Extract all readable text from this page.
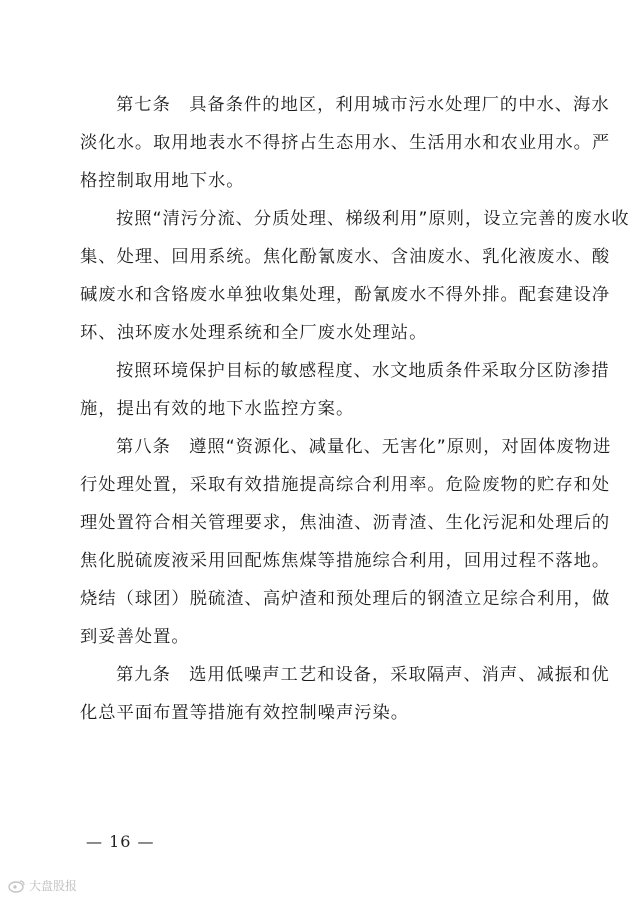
第七条　具备条件的地区，利用城市污水处理厂的中水、海水
淡化水。取用地表水不得挤占生态用水、生活用水和农业用水。严
格控制取用地下水。
按照“清污分流、分质处理、梯级利用”原则，设立完善的废水收
集、处理、回用系统。焦化酚氰废水、含油废水、乳化液废水、酸
碱废水和含铬废水单独收集处理，酚氰废水不得外排。配套建设净
环、浊环废水处理系统和全厂废水处理站。
按照环境保护目标的敏感程度、水文地质条件采取分区防渗措
施，提出有效的地下水监控方案。
第八条　遵照“资源化、减量化、无害化”原则，对固体废物进
行处理处置，采取有效措施提高综合利用率。危险废物的贮存和处
理处置符合相关管理要求，焦油渣、沥青渣、生化污泥和处理后的
焦化脱硫废液采用回配炼焦煤等措施综合利用，回用过程不落地。
烧结（球团）脱硫渣、高炉渣和预处理后的钢渣立足综合利用，做
到妥善处置。
第九条　选用低噪声工艺和设备，采取隔声、消声、减振和优
化总平面布置等措施有效控制噪声污染。
— 16 —
大盘股报
